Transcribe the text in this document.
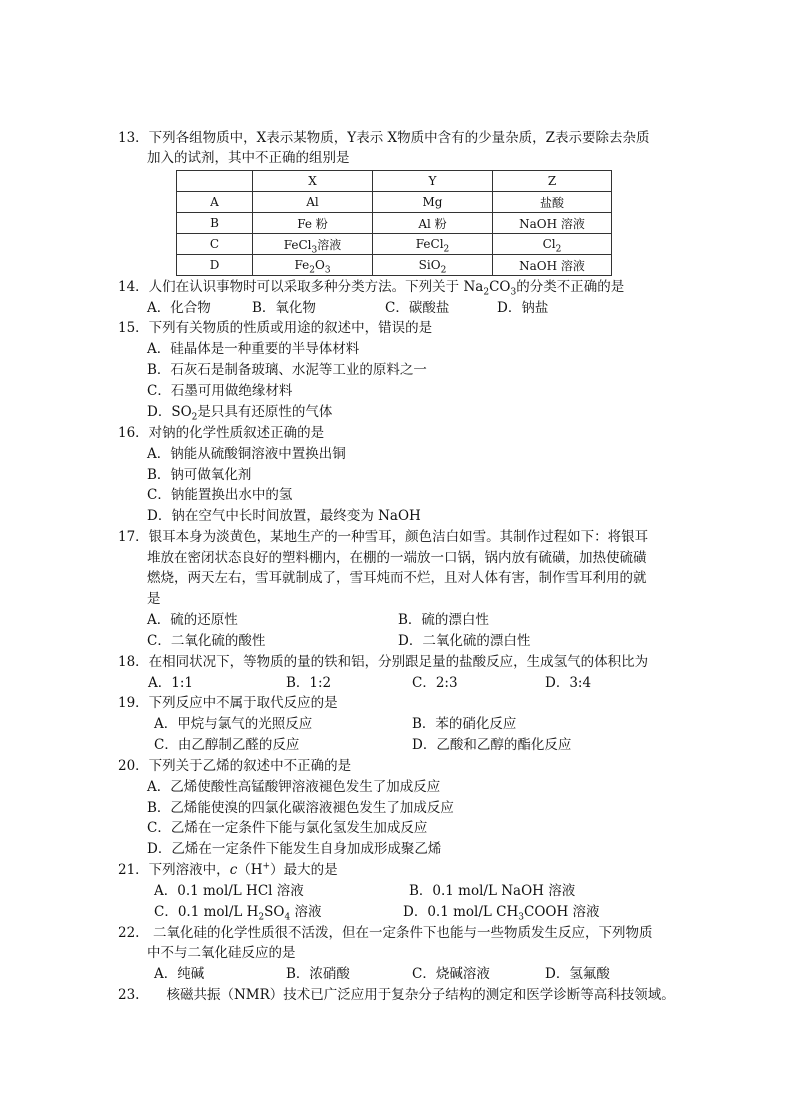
13．下列各组物质中，X表示某物质，Y表示 X物质中含有的少量杂质，Z表示要除去杂质
加入的试剂，其中不正确的组别是
	X	Y	Z
A	Al	Mg	盐酸
B	Fe 粉	Al 粉	NaOH 溶液
C	FeCl$_3$溶液	FeCl$_2$	$Cl_2$
D	$Fe_2O_3$	SiO$_2$	NaOH 溶液
14．人们在认识事物时可以采取多种分类方法。下列关于 $Na_2CO_3$的分类不正确的是
A．化合物	B．氧化物	C．碳酸盐	D．钠盐
15．下列有关物质的性质或用途的叙述中，错误的是
A．硅晶体是一种重要的半导体材料
B．石灰石是制备玻璃、水泥等工业的原料之一
C．石墨可用做绝缘材料
D．$SO_2$是只具有还原性的气体
16．对钠的化学性质叙述正确的是
A．钠能从硫酸铜溶液中置换出铜
B．钠可做氧化剂
C．钠能置换出水中的氢
D．钠在空气中长时间放置，最终变为 NaOH
17．银耳本身为淡黄色，某地生产的一种雪耳，颜色洁白如雪。其制作过程如下：将银耳
堆放在密闭状态良好的塑料棚内，在棚的一端放一口锅，锅内放有硫磺，加热使硫磺
燃烧，两天左右，雪耳就制成了，雪耳炖而不烂，且对人体有害，制作雪耳利用的就
是
A．硫的还原性	B．硫的漂白性
C．二氧化硫的酸性	D．二氧化硫的漂白性
18．在相同状况下，等物质的量的铁和铝，分别跟足量的盐酸反应，生成氢气的体积比为
A．1:1	B．1:2	C．2:3	D．3:4
19．下列反应中不属于取代反应的是
A．甲烷与氯气的光照反应	B．苯的硝化反应
C．由乙醇制乙醛的反应	D．乙酸和乙醇的酯化反应
20．下列关于乙烯的叙述中不正确的是
A．乙烯使酸性高锰酸钾溶液褪色发生了加成反应
B．乙烯能使溴的四氯化碳溶液褪色发生了加成反应
C．乙烯在一定条件下能与氯化氢发生加成反应
D．乙烯在一定条件下能发生自身加成形成聚乙烯
21．下列溶液中，c（H+）最大的是
A．0.1 mol/L HCl 溶液	B．0.1 mol/L NaOH 溶液
C．0.1 mol/L $H_2SO_4$ 溶液	D．0.1 mol/L $CH_3COOH$ 溶液
22.　二氧化硅的化学性质很不活泼，但在一定条件下也能与一些物质发生反应，下列物质
中不与二氧化硅反应的是
A．纯碱	B．浓硝酸	C．烧碱溶液	D．氢氟酸
23.　　核磁共振（NMR）技术已广泛应用于复杂分子结构的测定和医学诊断等高科技领域。
